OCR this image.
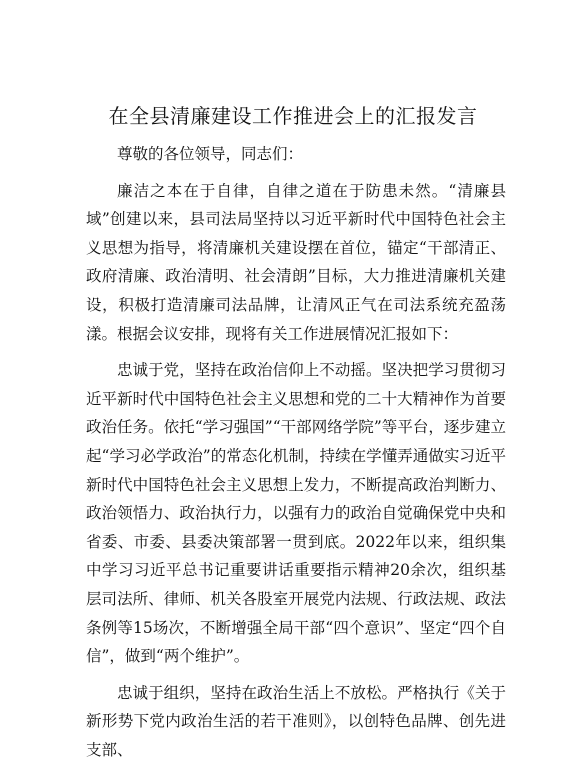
在全县清廉建设工作推进会上的汇报发言

尊敬的各位领导，同志们：

廉洁之本在于自律，自律之道在于防患未然。“清廉县域”创建以来，县司法局坚持以习近平新时代中国特色社会主义思想为指导，将清廉机关建设摆在首位，锚定“干部清正、政府清廉、政治清明、社会清朗”目标，大力推进清廉机关建设，积极打造清廉司法品牌，让清风正气在司法系统充盈荡漾。根据会议安排，现将有关工作进展情况汇报如下：

忠诚于党，坚持在政治信仰上不动摇。坚决把学习贯彻习近平新时代中国特色社会主义思想和党的二十大精神作为首要政治任务。依托“学习强国”“干部网络学院”等平台，逐步建立起“学习必学政治”的常态化机制，持续在学懂弄通做实习近平新时代中国特色社会主义思想上发力，不断提高政治判断力、政治领悟力、政治执行力，以强有力的政治自觉确保党中央和省委、市委、县委决策部署一贯到底。2022年以来，组织集中学习习近平总书记重要讲话重要指示精神20余次，组织基层司法所、律师、机关各股室开展党内法规、行政法规、政法条例等15场次，不断增强全局干部“四个意识”、坚定“四个自信”，做到“两个维护”。

忠诚于组织，坚持在政治生活上不放松。严格执行《关于新形势下党内政治生活的若干准则》，以创特色品牌、创先进支部、
